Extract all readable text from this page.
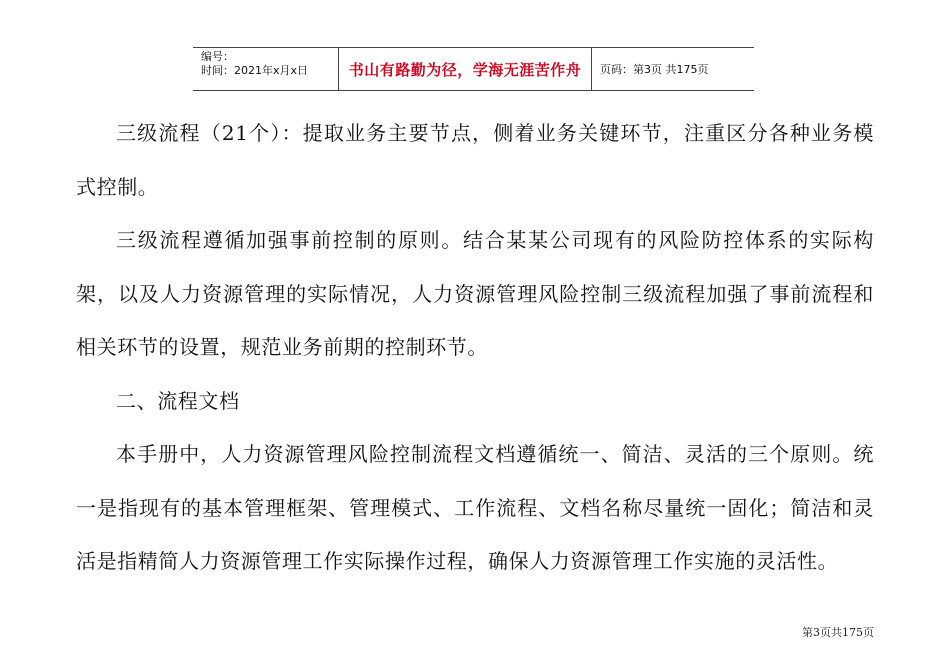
编号：
时间：2021年x月x日	书山有路勤为径，学海无涯苦作舟	页码：第3页 共175页

三级流程（21个）：提取业务主要节点，侧着业务关键环节，注重区分各种业务模式控制。

三级流程遵循加强事前控制的原则。结合某某公司现有的风险防控体系的实际构架，以及人力资源管理的实际情况，人力资源管理风险控制三级流程加强了事前流程和相关环节的设置，规范业务前期的控制环节。

二、流程文档

本手册中，人力资源管理风险控制流程文档遵循统一、简洁、灵活的三个原则。统一是指现有的基本管理框架、管理模式、工作流程、文档名称尽量统一固化；简洁和灵活是指精简人力资源管理工作实际操作过程，确保人力资源管理工作实施的灵活性。

第3页共175页
